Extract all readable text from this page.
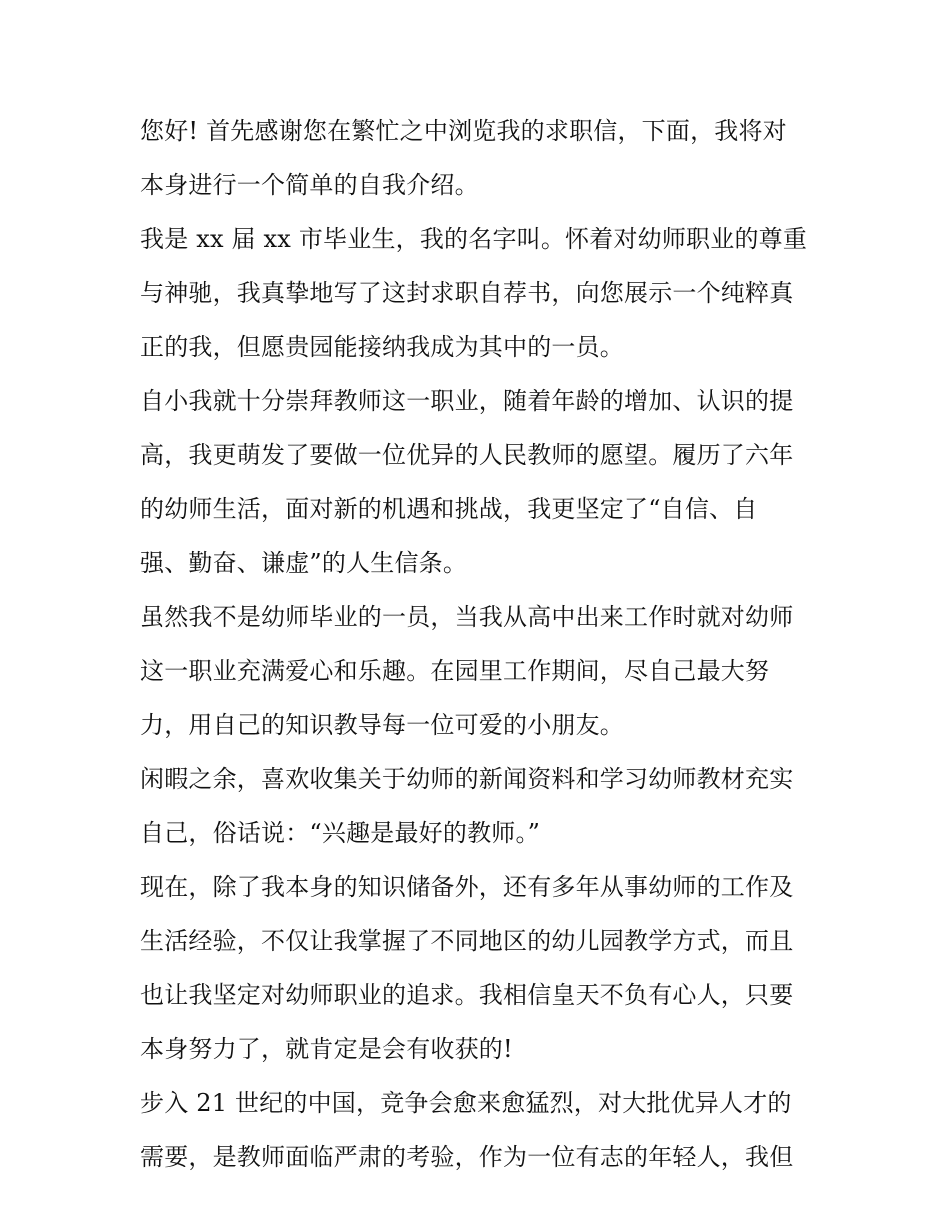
您好! 首先感谢您在繁忙之中浏览我的求职信，下面，我将对
本身进行一个简单的自我介绍。
我是 xx 届 xx 市毕业生，我的名字叫。怀着对幼师职业的尊重
与神驰，我真挚地写了这封求职自荐书，向您展示一个纯粹真
正的我，但愿贵园能接纳我成为其中的一员。
自小我就十分崇拜教师这一职业，随着年龄的增加、认识的提
高，我更萌发了要做一位优异的人民教师的愿望。履历了六年
的幼师生活，面对新的机遇和挑战，我更坚定了“自信、自
强、勤奋、谦虚”的人生信条。
虽然我不是幼师毕业的一员，当我从高中出来工作时就对幼师
这一职业充满爱心和乐趣。在园里工作期间，尽自己最大努
力，用自己的知识教导每一位可爱的小朋友。
闲暇之余，喜欢收集关于幼师的新闻资料和学习幼师教材充实
自己，俗话说：“兴趣是最好的教师。”
现在，除了我本身的知识储备外，还有多年从事幼师的工作及
生活经验，不仅让我掌握了不同地区的幼儿园教学方式，而且
也让我坚定对幼师职业的追求。我相信皇天不负有心人，只要
本身努力了，就肯定是会有收获的!
步入 21 世纪的中国，竞争会愈来愈猛烈，对大批优异人才的
需要，是教师面临严肃的考验，作为一位有志的年轻人，我但
